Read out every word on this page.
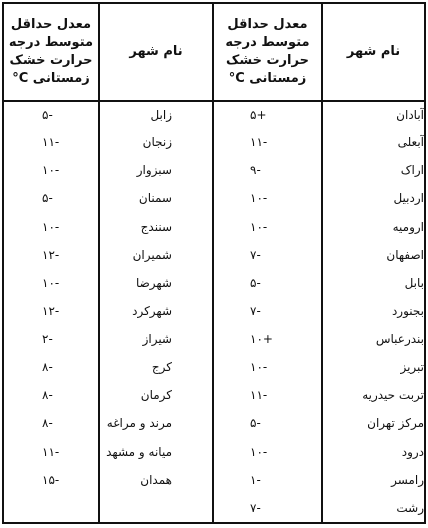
نام شهر	معدل حداقل
متوسط درجه
حرارت خشک
زمستانی C°	نام شهر	معدل حداقل
متوسط درجه
حرارت خشک
زمستانی C°

آبادان	+۵	زابل	-۵
آبعلی	-۱۱	زنجان	-۱۱
اراک	-۹	سبزوار	-۱۰
اردبیل	-۱۰	سمنان	-۵
ارومیه	-۱۰	سنندج	-۱۰
اصفهان	-۷	شمیران	-۱۲
بابل	-۵	شهرضا	-۱۰
بجنورد	-۷	شهرکرد	-۱۲
بندرعباس	+۱۰	شیراز	-۲
تبریز	-۱۰	کرج	-۸
تربت حیدریه	-۱۱	کرمان	-۸
مرکز تهران	-۵	مرند و مراغه	-۸
درود	-۱۰	میانه و مشهد	-۱۱
رامسر	-۱	همدان	-۱۵
رشت	-۷		
